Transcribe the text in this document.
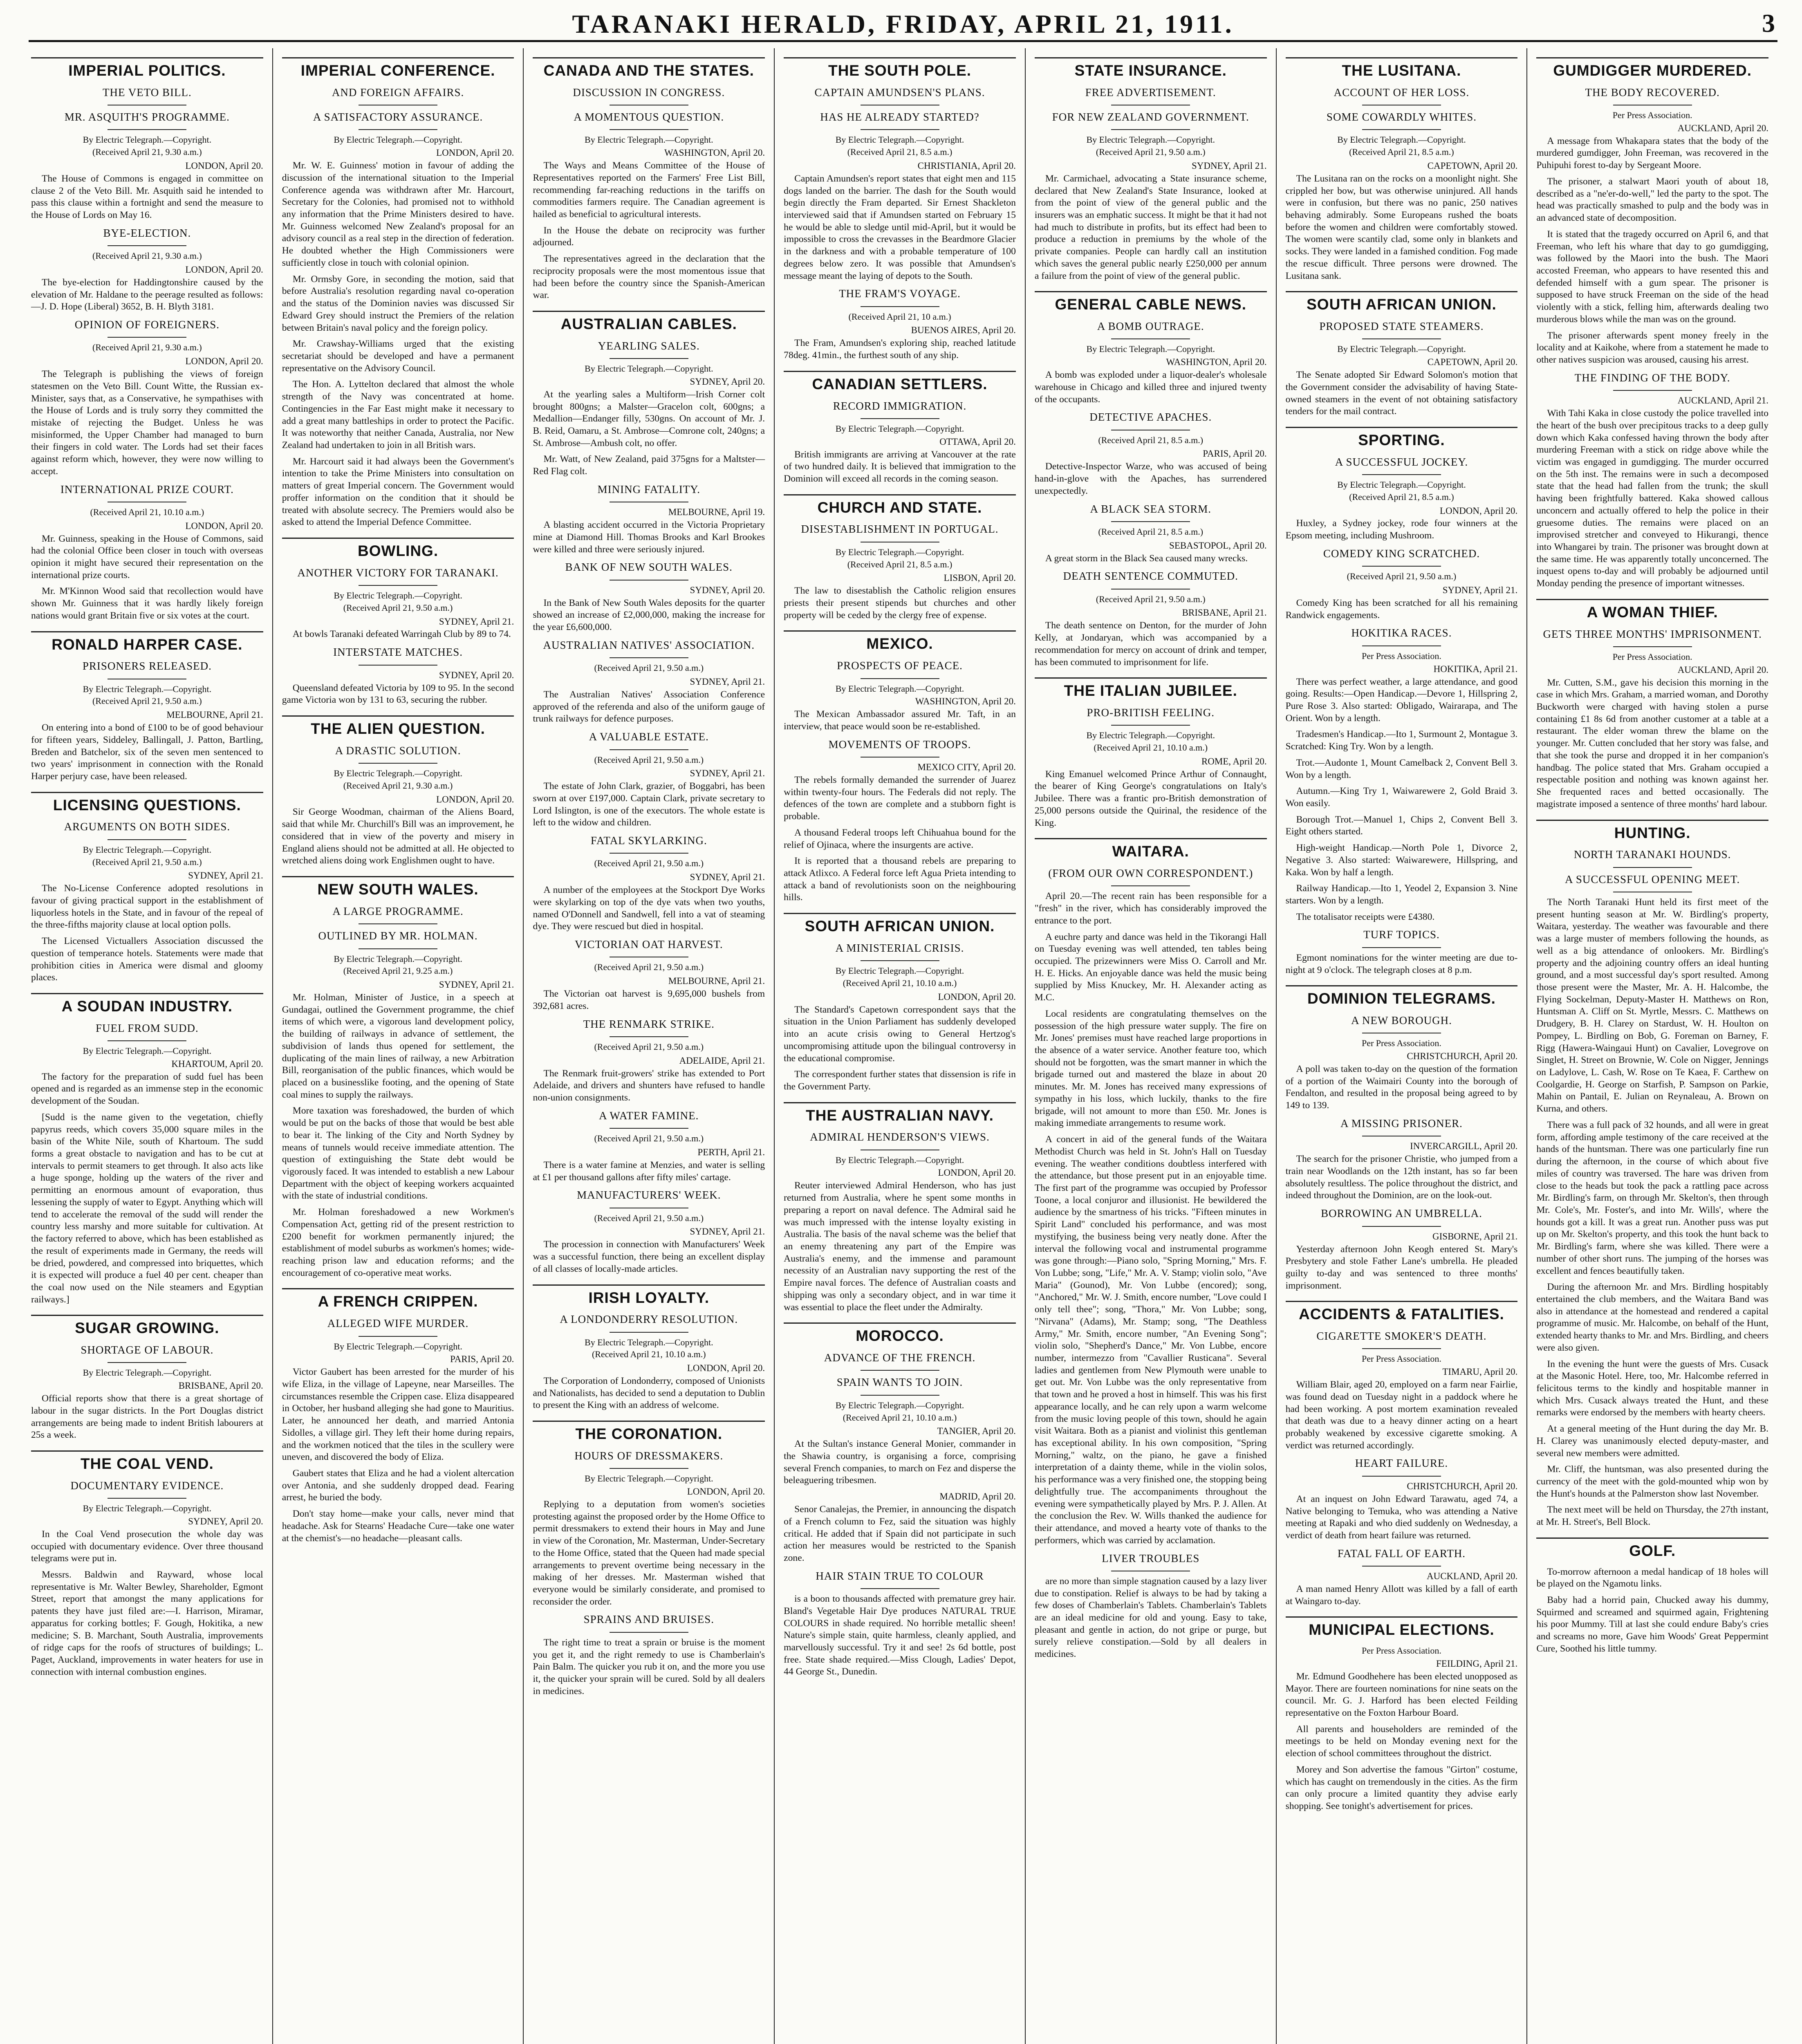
TARANAKI HERALD, FRIDAY, APRIL 21, 1911.	3
IMPERIAL POLITICS.
THE VETO BILL.
MR. ASQUITH'S PROGRAMME.
By Electric Telegraph.—Copyright.
(Received April 21, 9.30 a.m.)
LONDON, April 20.

The House of Commons is engaged in committee on clause 2 of the Veto Bill. Mr. Asquith said he intended to pass this clause within a fortnight and send the measure to the House of Lords on May 16.

BYE-ELECTION.
(Received April 21, 9.30 a.m.)
LONDON, April 20.

The bye-election for Haddingtonshire caused by the elevation of Mr. Haldane to the peerage resulted as follows:—J. D. Hope (Liberal) 3652, B. H. Blyth 3181.

OPINION OF FOREIGNERS.
(Received April 21, 9.30 a.m.)
LONDON, April 20.

The Telegraph is publishing the views of foreign statesmen on the Veto Bill. Count Witte, the Russian ex-Minister, says that, as a Conservative, he sympathises with the House of Lords and is truly sorry they committed the mistake of rejecting the Budget. Unless he was misinformed, the Upper Chamber had managed to burn their fingers in cold water. The Lords had set their faces against reform which, however, they were now willing to accept.

INTERNATIONAL PRIZE COURT.
(Received April 21, 10.10 a.m.)
LONDON, April 20.

Mr. Guinness, speaking in the House of Commons, said had the colonial Office been closer in touch with overseas opinion it might have secured their representation on the international prize courts.

Mr. M'Kinnon Wood said that recollection would have shown Mr. Guinness that it was hardly likely foreign nations would grant Britain five or six votes at the court.

RONALD HARPER CASE.
PRISONERS RELEASED.
By Electric Telegraph.—Copyright.
(Received April 21, 9.50 a.m.)
MELBOURNE, April 21.

On entering into a bond of £100 to be of good behaviour for fifteen years, Siddeley, Ballingall, J. Patton, Bartling, Breden and Batchelor, six of the seven men sentenced to two years' imprisonment in connection with the Ronald Harper perjury case, have been released.

LICENSING QUESTIONS.
ARGUMENTS ON BOTH SIDES.
By Electric Telegraph.—Copyright.
(Received April 21, 9.50 a.m.)
SYDNEY, April 21.

The No-License Conference adopted resolutions in favour of giving practical support in the establishment of liquorless hotels in the State, and in favour of the repeal of the three-fifths majority clause at local option polls.

The Licensed Victuallers Association discussed the question of temperance hotels. Statements were made that prohibition cities in America were dismal and gloomy places.

A SOUDAN INDUSTRY.
FUEL FROM SUDD.
By Electric Telegraph.—Copyright.
KHARTOUM, April 20.

The factory for the preparation of sudd fuel has been opened and is regarded as an immense step in the economic development of the Soudan.

[Sudd is the name given to the vegetation, chiefly papyrus reeds, which covers 35,000 square miles in the basin of the White Nile, south of Khartoum. The sudd forms a great obstacle to navigation and has to be cut at intervals to permit steamers to get through. It also acts like a huge sponge, holding up the waters of the river and permitting an enormous amount of evaporation, thus lessening the supply of water to Egypt. Anything which will tend to accelerate the removal of the sudd will render the country less marshy and more suitable for cultivation. At the factory referred to above, which has been established as the result of experiments made in Germany, the reeds will be dried, powdered, and compressed into briquettes, which it is expected will produce a fuel 40 per cent. cheaper than the coal now used on the Nile steamers and Egyptian railways.]

SUGAR GROWING.
SHORTAGE OF LABOUR.
By Electric Telegraph.—Copyright.
BRISBANE, April 20.

Official reports show that there is a great shortage of labour in the sugar districts. In the Port Douglas district arrangements are being made to indent British labourers at 25s a week.

THE COAL VEND.
DOCUMENTARY EVIDENCE.
By Electric Telegraph.—Copyright.
SYDNEY, April 20.

In the Coal Vend prosecution the whole day was occupied with documentary evidence. Over three thousand telegrams were put in.

Messrs. Baldwin and Rayward, whose local representative is Mr. Walter Bewley, Shareholder, Egmont Street, report that amongst the many applications for patents they have just filed are:—I. Harrison, Miramar, apparatus for corking bottles; F. Gough, Hokitika, a new medicine; S. B. Marchant, South Australia, improvements of ridge caps for the roofs of structures of buildings; L. Paget, Auckland, improvements in water heaters for use in connection with internal combustion engines.

IMPERIAL CONFERENCE.
AND FOREIGN AFFAIRS.
A SATISFACTORY ASSURANCE.
By Electric Telegraph.—Copyright.
LONDON, April 20.

Mr. W. E. Guinness' motion in favour of adding the discussion of the international situation to the Imperial Conference agenda was withdrawn after Mr. Harcourt, Secretary for the Colonies, had promised not to withhold any information that the Prime Ministers desired to have. Mr. Guinness welcomed New Zealand's proposal for an advisory council as a real step in the direction of federation. He doubted whether the High Commissioners were sufficiently close in touch with colonial opinion.

Mr. Ormsby Gore, in seconding the motion, said that before Australia's resolution regarding naval co-operation and the status of the Dominion navies was discussed Sir Edward Grey should instruct the Premiers of the relation between Britain's naval policy and the foreign policy.

Mr. Crawshay-Williams urged that the existing secretariat should be developed and have a permanent representative on the Advisory Council.

The Hon. A. Lyttelton declared that almost the whole strength of the Navy was concentrated at home. Contingencies in the Far East might make it necessary to add a great many battleships in order to protect the Pacific. It was noteworthy that neither Canada, Australia, nor New Zealand had undertaken to join in all British wars.

Mr. Harcourt said it had always been the Government's intention to take the Prime Ministers into consultation on matters of great Imperial concern. The Government would proffer information on the condition that it should be treated with absolute secrecy. The Premiers would also be asked to attend the Imperial Defence Committee.

BOWLING.
ANOTHER VICTORY FOR TARANAKI.
By Electric Telegraph.—Copyright.
(Received April 21, 9.50 a.m.)
SYDNEY, April 21.

At bowls Taranaki defeated Warringah Club by 89 to 74.

INTERSTATE MATCHES.
SYDNEY, April 20.

Queensland defeated Victoria by 109 to 95. In the second game Victoria won by 131 to 63, securing the rubber.

THE ALIEN QUESTION.
A DRASTIC SOLUTION.
By Electric Telegraph.—Copyright.
(Received April 21, 9.30 a.m.)
LONDON, April 20.

Sir George Woodman, chairman of the Aliens Board, said that while Mr. Churchill's Bill was an improvement, he considered that in view of the poverty and misery in England aliens should not be admitted at all. He objected to wretched aliens doing work Englishmen ought to have.

NEW SOUTH WALES.
A LARGE PROGRAMME.
OUTLINED BY MR. HOLMAN.
By Electric Telegraph.—Copyright.
(Received April 21, 9.25 a.m.)
SYDNEY, April 21.

Mr. Holman, Minister of Justice, in a speech at Gundagai, outlined the Government programme, the chief items of which were, a vigorous land development policy, the building of railways in advance of settlement, the subdivision of lands thus opened for settlement, the duplicating of the main lines of railway, a new Arbitration Bill, reorganisation of the public finances, which would be placed on a businesslike footing, and the opening of State coal mines to supply the railways.

More taxation was foreshadowed, the burden of which would be put on the backs of those that would be best able to bear it. The linking of the City and North Sydney by means of tunnels would receive immediate attention. The question of extinguishing the State debt would be vigorously faced. It was intended to establish a new Labour Department with the object of keeping workers acquainted with the state of industrial conditions.

Mr. Holman foreshadowed a new Workmen's Compensation Act, getting rid of the present restriction to £200 benefit for workmen permanently injured; the establishment of model suburbs as workmen's homes; wide-reaching prison law and education reforms; and the encouragement of co-operative meat works.

A FRENCH CRIPPEN.
ALLEGED WIFE MURDER.
By Electric Telegraph.—Copyright.
PARIS, April 20.

Victor Gaubert has been arrested for the murder of his wife Eliza, in the village of Lapeyne, near Marseilles. The circumstances resemble the Crippen case. Eliza disappeared in October, her husband alleging she had gone to Mauritius. Later, he announced her death, and married Antonia Sidolles, a village girl. They left their home during repairs, and the workmen noticed that the tiles in the scullery were uneven, and discovered the body of Eliza.

Gaubert states that Eliza and he had a violent altercation over Antonia, and she suddenly dropped dead. Fearing arrest, he buried the body.

Don't stay home—make your calls, never mind that headache. Ask for Stearns' Headache Cure—take one water at the chemist's—no headache—pleasant calls.

CANADA AND THE STATES.
DISCUSSION IN CONGRESS.
A MOMENTOUS QUESTION.
By Electric Telegraph.—Copyright.
WASHINGTON, April 20.

The Ways and Means Committee of the House of Representatives reported on the Farmers' Free List Bill, recommending far-reaching reductions in the tariffs on commodities farmers require. The Canadian agreement is hailed as beneficial to agricultural interests.

In the House the debate on reciprocity was further adjourned.

The representatives agreed in the declaration that the reciprocity proposals were the most momentous issue that had been before the country since the Spanish-American war.

AUSTRALIAN CABLES.
YEARLING SALES.
By Electric Telegraph.—Copyright.
SYDNEY, April 20.

At the yearling sales a Multiform—Irish Corner colt brought 800gns; a Malster—Gracelon colt, 600gns; a Medallion—Endanger filly, 530gns. On account of Mr. J. B. Reid, Oamaru, a St. Ambrose—Comrone colt, 240gns; a St. Ambrose—Ambush colt, no offer.

Mr. Watt, of New Zealand, paid 375gns for a Maltster—Red Flag colt.

MINING FATALITY.
MELBOURNE, April 19.

A blasting accident occurred in the Victoria Proprietary mine at Diamond Hill. Thomas Brooks and Karl Brookes were killed and three were seriously injured.

BANK OF NEW SOUTH WALES.
SYDNEY, April 20.

In the Bank of New South Wales deposits for the quarter showed an increase of £2,000,000, making the increase for the year £6,600,000.

AUSTRALIAN NATIVES' ASSOCIATION.
(Received April 21, 9.50 a.m.)
SYDNEY, April 21.

The Australian Natives' Association Conference approved of the referenda and also of the uniform gauge of trunk railways for defence purposes.

A VALUABLE ESTATE.
(Received April 21, 9.50 a.m.)
SYDNEY, April 21.

The estate of John Clark, grazier, of Boggabri, has been sworn at over £197,000. Captain Clark, private secretary to Lord Islington, is one of the executors. The whole estate is left to the widow and children.

FATAL SKYLARKING.
(Received April 21, 9.50 a.m.)
SYDNEY, April 21.

A number of the employees at the Stockport Dye Works were skylarking on top of the dye vats when two youths, named O'Donnell and Sandwell, fell into a vat of steaming dye. They were rescued but died in hospital.

VICTORIAN OAT HARVEST.
(Received April 21, 9.50 a.m.)
MELBOURNE, April 21.

The Victorian oat harvest is 9,695,000 bushels from 392,681 acres.

THE RENMARK STRIKE.
(Received April 21, 9.50 a.m.)
ADELAIDE, April 21.

The Renmark fruit-growers' strike has extended to Port Adelaide, and drivers and shunters have refused to handle non-union consignments.

A WATER FAMINE.
(Received April 21, 9.50 a.m.)
PERTH, April 21.

There is a water famine at Menzies, and water is selling at £1 per thousand gallons after fifty miles' cartage.

MANUFACTURERS' WEEK.
(Received April 21, 9.50 a.m.)
SYDNEY, April 21.

The procession in connection with Manufacturers' Week was a successful function, there being an excellent display of all classes of locally-made articles.

IRISH LOYALTY.
A LONDONDERRY RESOLUTION.
By Electric Telegraph.—Copyright.
(Received April 21, 10.10 a.m.)
LONDON, April 20.

The Corporation of Londonderry, composed of Unionists and Nationalists, has decided to send a deputation to Dublin to present the King with an address of welcome.

THE CORONATION.
HOURS OF DRESSMAKERS.
By Electric Telegraph.—Copyright.
LONDON, April 20.

Replying to a deputation from women's societies protesting against the proposed order by the Home Office to permit dressmakers to extend their hours in May and June in view of the Coronation, Mr. Masterman, Under-Secretary to the Home Office, stated that the Queen had made special arrangements to prevent overtime being necessary in the making of her dresses. Mr. Masterman wished that everyone would be similarly considerate, and promised to reconsider the order.

SPRAINS AND BRUISES.

The right time to treat a sprain or bruise is the moment you get it, and the right remedy to use is Chamberlain's Pain Balm. The quicker you rub it on, and the more you use it, the quicker your sprain will be cured. Sold by all dealers in medicines.

THE SOUTH POLE.
CAPTAIN AMUNDSEN'S PLANS.
HAS HE ALREADY STARTED?
By Electric Telegraph.—Copyright.
(Received April 21, 8.5 a.m.)
CHRISTIANIA, April 20.

Captain Amundsen's report states that eight men and 115 dogs landed on the barrier. The dash for the South would begin directly the Fram departed. Sir Ernest Shackleton interviewed said that if Amundsen started on February 15 he would be able to sledge until mid-April, but it would be impossible to cross the crevasses in the Beardmore Glacier in the darkness and with a probable temperature of 100 degrees below zero. It was possible that Amundsen's message meant the laying of depots to the South.

THE FRAM'S VOYAGE.
(Received April 21, 10 a.m.)
BUENOS AIRES, April 20.

The Fram, Amundsen's exploring ship, reached latitude 78deg. 41min., the furthest south of any ship.

CANADIAN SETTLERS.
RECORD IMMIGRATION.
By Electric Telegraph.—Copyright.
OTTAWA, April 20.

British immigrants are arriving at Vancouver at the rate of two hundred daily. It is believed that immigration to the Dominion will exceed all records in the coming season.

CHURCH AND STATE.
DISESTABLISHMENT IN PORTUGAL.
By Electric Telegraph.—Copyright.
(Received April 21, 8.5 a.m.)
LISBON, April 20.

The law to disestablish the Catholic religion ensures priests their present stipends but churches and other property will be ceded by the clergy free of expense.

MEXICO.
PROSPECTS OF PEACE.
By Electric Telegraph.—Copyright.
WASHINGTON, April 20.

The Mexican Ambassador assured Mr. Taft, in an interview, that peace would soon be re-established.

MOVEMENTS OF TROOPS.
MEXICO CITY, April 20.

The rebels formally demanded the surrender of Juarez within twenty-four hours. The Federals did not reply. The defences of the town are complete and a stubborn fight is probable.

A thousand Federal troops left Chihuahua bound for the relief of Ojinaca, where the insurgents are active.

It is reported that a thousand rebels are preparing to attack Atlixco. A Federal force left Agua Prieta intending to attack a band of revolutionists soon on the neighbouring hills.

SOUTH AFRICAN UNION.
A MINISTERIAL CRISIS.
By Electric Telegraph.—Copyright.
(Received April 21, 10.10 a.m.)
LONDON, April 20.

The Standard's Capetown correspondent says that the situation in the Union Parliament has suddenly developed into an acute crisis owing to General Hertzog's uncompromising attitude upon the bilingual controversy in the educational compromise.

The correspondent further states that dissension is rife in the Government Party.

THE AUSTRALIAN NAVY.
ADMIRAL HENDERSON'S VIEWS.
By Electric Telegraph.—Copyright.
LONDON, April 20.

Reuter interviewed Admiral Henderson, who has just returned from Australia, where he spent some months in preparing a report on naval defence. The Admiral said he was much impressed with the intense loyalty existing in Australia. The basis of the naval scheme was the belief that an enemy threatening any part of the Empire was Australia's enemy, and the immense and paramount necessity of an Australian navy supporting the rest of the Empire naval forces. The defence of Australian coasts and shipping was only a secondary object, and in war time it was essential to place the fleet under the Admiralty.

MOROCCO.
ADVANCE OF THE FRENCH.
SPAIN WANTS TO JOIN.
By Electric Telegraph.—Copyright.
(Received April 21, 10.10 a.m.)
TANGIER, April 20.

At the Sultan's instance General Monier, commander in the Shawia country, is organising a force, comprising several French companies, to march on Fez and disperse the beleaguering tribesmen.

MADRID, April 20.

Senor Canalejas, the Premier, in announcing the dispatch of a French column to Fez, said the situation was highly critical. He added that if Spain did not participate in such action her measures would be restricted to the Spanish zone.

HAIR STAIN TRUE TO COLOUR

is a boon to thousands affected with premature grey hair. Bland's Vegetable Hair Dye produces NATURAL TRUE COLOURS in shade required. No horrible metallic sheen! Nature's simple stain, quite harmless, cleanly applied, and marvellously successful. Try it and see! 2s 6d bottle, post free. State shade required.—Miss Clough, Ladies' Depot, 44 George St., Dunedin.

STATE INSURANCE.
FREE ADVERTISEMENT.
FOR NEW ZEALAND GOVERNMENT.
By Electric Telegraph.—Copyright.
(Received April 21, 9.50 a.m.)
SYDNEY, April 21.

Mr. Carmichael, advocating a State insurance scheme, declared that New Zealand's State Insurance, looked at from the point of view of the general public and the insurers was an emphatic success. It might be that it had not had much to distribute in profits, but its effect had been to produce a reduction in premiums by the whole of the private companies. People can hardly call an institution which saves the general public nearly £250,000 per annum a failure from the point of view of the general public.

GENERAL CABLE NEWS.
A BOMB OUTRAGE.
By Electric Telegraph.—Copyright.
WASHINGTON, April 20.

A bomb was exploded under a liquor-dealer's wholesale warehouse in Chicago and killed three and injured twenty of the occupants.

DETECTIVE APACHES.
(Received April 21, 8.5 a.m.)
PARIS, April 20.

Detective-Inspector Warze, who was accused of being hand-in-glove with the Apaches, has surrendered unexpectedly.

A BLACK SEA STORM.
(Received April 21, 8.5 a.m.)
SEBASTOPOL, April 20.

A great storm in the Black Sea caused many wrecks.

DEATH SENTENCE COMMUTED.
(Received April 21, 9.50 a.m.)
BRISBANE, April 21.

The death sentence on Denton, for the murder of John Kelly, at Jondaryan, which was accompanied by a recommendation for mercy on account of drink and temper, has been commuted to imprisonment for life.

THE ITALIAN JUBILEE.
PRO-BRITISH FEELING.
By Electric Telegraph.—Copyright.
(Received April 21, 10.10 a.m.)
ROME, April 20.

King Emanuel welcomed Prince Arthur of Connaught, the bearer of King George's congratulations on Italy's Jubilee. There was a frantic pro-British demonstration of 25,000 persons outside the Quirinal, the residence of the King.

WAITARA.
(FROM OUR OWN CORRESPONDENT.)

April 20.—The recent rain has been responsible for a "fresh" in the river, which has considerably improved the entrance to the port.

A euchre party and dance was held in the Tikorangi Hall on Tuesday evening was well attended, ten tables being occupied. The prizewinners were Miss O. Carroll and Mr. H. E. Hicks. An enjoyable dance was held the music being supplied by Miss Knuckey, Mr. H. Alexander acting as M.C.

Local residents are congratulating themselves on the possession of the high pressure water supply. The fire on Mr. Jones' premises must have reached large proportions in the absence of a water service. Another feature too, which should not be forgotten, was the smart manner in which the brigade turned out and mastered the blaze in about 20 minutes. Mr. M. Jones has received many expressions of sympathy in his loss, which luckily, thanks to the fire brigade, will not amount to more than £50. Mr. Jones is making immediate arrangements to resume work.

A concert in aid of the general funds of the Waitara Methodist Church was held in St. John's Hall on Tuesday evening. The weather conditions doubtless interfered with the attendance, but those present put in an enjoyable time. The first part of the programme was occupied by Professor Toone, a local conjuror and illusionist. He bewildered the audience by the smartness of his tricks. "Fifteen minutes in Spirit Land" concluded his performance, and was most mystifying, the business being very neatly done. After the interval the following vocal and instrumental programme was gone through:—Piano solo, "Spring Morning," Mrs. F. Von Lubbe; song, "Life," Mr. A. V. Stamp; violin solo, "Ave Maria" (Gounod), Mr. Von Lubbe (encored); song, "Anchored," Mr. W. J. Smith, encore number, "Love could I only tell thee"; song, "Thora," Mr. Von Lubbe; song, "Nirvana" (Adams), Mr. Stamp; song, "The Deathless Army," Mr. Smith, encore number, "An Evening Song"; violin solo, "Shepherd's Dance," Mr. Von Lubbe, encore number, intermezzo from "Cavallier Rusticana". Several ladies and gentlemen from New Plymouth were unable to get out. Mr. Von Lubbe was the only representative from that town and he proved a host in himself. This was his first appearance locally, and he can rely upon a warm welcome from the music loving people of this town, should he again visit Waitara. Both as a pianist and violinist this gentleman has exceptional ability. In his own composition, "Spring Morning," waltz, on the piano, he gave a finished interpretation of a dainty theme, while in the violin solos, his performance was a very finished one, the stopping being delightfully true. The accompaniments throughout the evening were sympathetically played by Mrs. P. J. Allen. At the conclusion the Rev. W. Wills thanked the audience for their attendance, and moved a hearty vote of thanks to the performers, which was carried by acclamation.

LIVER TROUBLES

are no more than simple stagnation caused by a lazy liver due to constipation. Relief is always to be had by taking a few doses of Chamberlain's Tablets. Chamberlain's Tablets are an ideal medicine for old and young. Easy to take, pleasant and gentle in action, do not gripe or purge, but surely relieve constipation.—Sold by all dealers in medicines.

THE LUSITANA.
ACCOUNT OF HER LOSS.
SOME COWARDLY WHITES.
By Electric Telegraph.—Copyright.
(Received April 21, 8.5 a.m.)
CAPETOWN, April 20.

The Lusitana ran on the rocks on a moonlight night. She crippled her bow, but was otherwise uninjured. All hands were in confusion, but there was no panic, 250 natives behaving admirably. Some Europeans rushed the boats before the women and children were comfortably stowed. The women were scantily clad, some only in blankets and socks. They were landed in a famished condition. Fog made the rescue difficult. Three persons were drowned. The Lusitana sank.

SOUTH AFRICAN UNION.
PROPOSED STATE STEAMERS.
By Electric Telegraph.—Copyright.
CAPETOWN, April 20.

The Senate adopted Sir Edward Solomon's motion that the Government consider the advisability of having State-owned steamers in the event of not obtaining satisfactory tenders for the mail contract.

SPORTING.
A SUCCESSFUL JOCKEY.
By Electric Telegraph.—Copyright.
(Received April 21, 8.5 a.m.)
LONDON, April 20.

Huxley, a Sydney jockey, rode four winners at the Epsom meeting, including Mushroom.

COMEDY KING SCRATCHED.
(Received April 21, 9.50 a.m.)
SYDNEY, April 21.

Comedy King has been scratched for all his remaining Randwick engagements.

HOKITIKA RACES.
Per Press Association.
HOKITIKA, April 21.

There was perfect weather, a large attendance, and good going. Results:—Open Handicap.—Devore 1, Hillspring 2, Pure Rose 3. Also started: Obligado, Wairarapa, and The Orient. Won by a length.

Tradesmen's Handicap.—Ito 1, Surmount 2, Montague 3. Scratched: King Try. Won by a length.

Trot.—Audonte 1, Mount Camelback 2, Convent Bell 3. Won by a length.

Autumn.—King Try 1, Waiwarewere 2, Gold Braid 3. Won easily.

Borough Trot.—Manuel 1, Chips 2, Convent Bell 3. Eight others started.

High-weight Handicap.—North Pole 1, Divorce 2, Negative 3. Also started: Waiwarewere, Hillspring, and Kaka. Won by half a length.

Railway Handicap.—Ito 1, Yeodel 2, Expansion 3. Nine starters. Won by a length.

The totalisator receipts were £4380.

TURF TOPICS.

Egmont nominations for the winter meeting are due to-night at 9 o'clock. The telegraph closes at 8 p.m.

DOMINION TELEGRAMS.
A NEW BOROUGH.
Per Press Association.
CHRISTCHURCH, April 20.

A poll was taken to-day on the question of the formation of a portion of the Waimairi County into the borough of Fendalton, and resulted in the proposal being agreed to by 149 to 139.

A MISSING PRISONER.
INVERCARGILL, April 20.

The search for the prisoner Christie, who jumped from a train near Woodlands on the 12th instant, has so far been absolutely resultless. The police throughout the district, and indeed throughout the Dominion, are on the look-out.

BORROWING AN UMBRELLA.
GISBORNE, April 21.

Yesterday afternoon John Keogh entered St. Mary's Presbytery and stole Father Lane's umbrella. He pleaded guilty to-day and was sentenced to three months' imprisonment.

ACCIDENTS & FATALITIES.
CIGARETTE SMOKER'S DEATH.
Per Press Association.
TIMARU, April 20.

William Blair, aged 20, employed on a farm near Fairlie, was found dead on Tuesday night in a paddock where he had been working. A post mortem examination revealed that death was due to a heavy dinner acting on a heart probably weakened by excessive cigarette smoking. A verdict was returned accordingly.

HEART FAILURE.
CHRISTCHURCH, April 20.

At an inquest on John Edward Tarawatu, aged 74, a Native belonging to Temuka, who was attending a Native meeting at Rapaki and who died suddenly on Wednesday, a verdict of death from heart failure was returned.

FATAL FALL OF EARTH.
AUCKLAND, April 20.

A man named Henry Allott was killed by a fall of earth at Waingaro to-day.

MUNICIPAL ELECTIONS.
Per Press Association.
FEILDING, April 21.

Mr. Edmund Goodhehere has been elected unopposed as Mayor. There are fourteen nominations for nine seats on the council. Mr. G. J. Harford has been elected Feilding representative on the Foxton Harbour Board.

All parents and householders are reminded of the meetings to be held on Monday evening next for the election of school committees throughout the district.

Morey and Son advertise the famous "Girton" costume, which has caught on tremendously in the cities. As the firm can only procure a limited quantity they advise early shopping. See tonight's advertisement for prices.

GUMDIGGER MURDERED.
THE BODY RECOVERED.
Per Press Association.
AUCKLAND, April 20.

A message from Whakapara states that the body of the murdered gumdigger, John Freeman, was recovered in the Puhipuhi forest to-day by Sergeant Moore.

The prisoner, a stalwart Maori youth of about 18, described as a "ne'er-do-well," led the party to the spot. The head was practically smashed to pulp and the body was in an advanced state of decomposition.

It is stated that the tragedy occurred on April 6, and that Freeman, who left his whare that day to go gumdigging, was followed by the Maori into the bush. The Maori accosted Freeman, who appears to have resented this and defended himself with a gum spear. The prisoner is supposed to have struck Freeman on the side of the head violently with a stick, felling him, afterwards dealing two murderous blows while the man was on the ground.

The prisoner afterwards spent money freely in the locality and at Kaikohe, where from a statement he made to other natives suspicion was aroused, causing his arrest.

THE FINDING OF THE BODY.
AUCKLAND, April 21.

With Tahi Kaka in close custody the police travelled into the heart of the bush over precipitous tracks to a deep gully down which Kaka confessed having thrown the body after murdering Freeman with a stick on ridge above while the victim was engaged in gumdigging. The murder occurred on the 5th inst. The remains were in such a decomposed state that the head had fallen from the trunk; the skull having been frightfully battered. Kaka showed callous unconcern and actually offered to help the police in their gruesome duties. The remains were placed on an improvised stretcher and conveyed to Hikurangi, thence into Whangarei by train. The prisoner was brought down at the same time. He was apparently totally unconcerned. The inquest opens to-day and will probably be adjourned until Monday pending the presence of important witnesses.

A WOMAN THIEF.
GETS THREE MONTHS' IMPRISONMENT.
Per Press Association.
AUCKLAND, April 20.

Mr. Cutten, S.M., gave his decision this morning in the case in which Mrs. Graham, a married woman, and Dorothy Buckworth were charged with having stolen a purse containing £1 8s 6d from another customer at a table at a restaurant. The elder woman threw the blame on the younger. Mr. Cutten concluded that her story was false, and that she took the purse and dropped it in her companion's handbag. The police stated that Mrs. Graham occupied a respectable position and nothing was known against her. She frequented races and betted occasionally. The magistrate imposed a sentence of three months' hard labour.

HUNTING.
NORTH TARANAKI HOUNDS.
A SUCCESSFUL OPENING MEET.

The North Taranaki Hunt held its first meet of the present hunting season at Mr. W. Birdling's property, Waitara, yesterday. The weather was favourable and there was a large muster of members following the hounds, as well as a big attendance of onlookers. Mr. Birdling's property and the adjoining country offers an ideal hunting ground, and a most successful day's sport resulted. Among those present were the Master, Mr. A. H. Halcombe, the Flying Sockelman, Deputy-Master H. Matthews on Ron, Huntsman A. Cliff on St. Myrtle, Messrs. C. Matthews on Drudgery, B. H. Clarey on Stardust, W. H. Houlton on Pompey, L. Birdling on Bob, G. Foreman on Barney, F. Rigg (Hawera-Waingaui Hunt) on Cavalier, Lovegrove on Singlet, H. Street on Brownie, W. Cole on Nigger, Jennings on Ladylove, L. Cash, W. Rose on Te Kaea, F. Carthew on Coolgardie, H. George on Starfish, P. Sampson on Parkie, Mahin on Pantail, E. Julian on Reynaleau, A. Brown on Kurna, and others.

There was a full pack of 32 hounds, and all were in great form, affording ample testimony of the care received at the hands of the huntsman. There was one particularly fine run during the afternoon, in the course of which about five miles of country was traversed. The hare was driven from close to the heads but took the pack a rattling pace across Mr. Birdling's farm, on through Mr. Skelton's, then through Mr. Cole's, Mr. Foster's, and into Mr. Wills', where the hounds got a kill. It was a great run. Another puss was put up on Mr. Skelton's property, and this took the hunt back to Mr. Birdling's farm, where she was killed. There were a number of other short runs. The jumping of the horses was excellent and fences beautifully taken.

During the afternoon Mr. and Mrs. Birdling hospitably entertained the club members, and the Waitara Band was also in attendance at the homestead and rendered a capital programme of music. Mr. Halcombe, on behalf of the Hunt, extended hearty thanks to Mr. and Mrs. Birdling, and cheers were also given.

In the evening the hunt were the guests of Mrs. Cusack at the Masonic Hotel. Here, too, Mr. Halcombe referred in felicitous terms to the kindly and hospitable manner in which Mrs. Cusack always treated the Hunt, and these remarks were endorsed by the members with hearty cheers.

At a general meeting of the Hunt during the day Mr. B. H. Clarey was unanimously elected deputy-master, and several new members were admitted.

Mr. Cliff, the huntsman, was also presented during the currency of the meet with the gold-mounted whip won by the Hunt's hounds at the Palmerston show last November.

The next meet will be held on Thursday, the 27th instant, at Mr. H. Street's, Bell Block.

GOLF.

To-morrow afternoon a medal handicap of 18 holes will be played on the Ngamotu links.

Baby had a horrid pain, Chucked away his dummy, Squirmed and screamed and squirmed again, Frightening his poor Mummy. Till at last she could endure Baby's cries and screams no more, Gave him Woods' Great Peppermint Cure, Soothed his little tummy.
